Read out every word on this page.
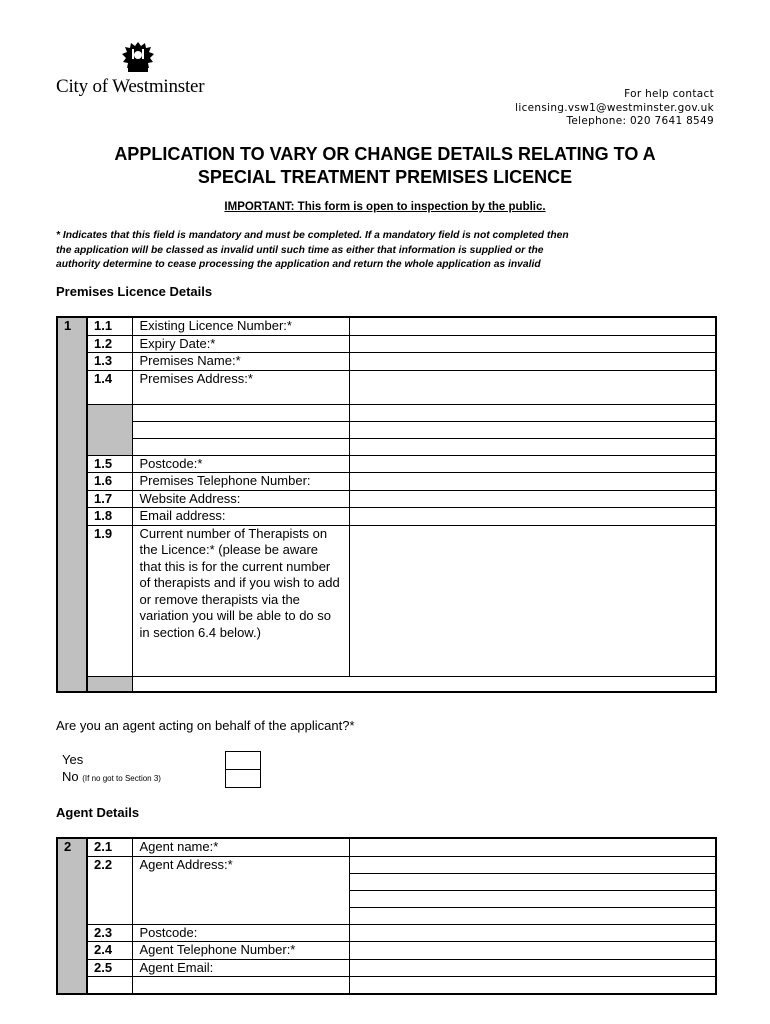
City of Westminster	For help contact
licensing.vsw1@westminster.gov.uk
Telephone: 020 7641 8549
APPLICATION TO VARY OR CHANGE DETAILS RELATING TO A
SPECIAL TREATMENT PREMISES LICENCE
IMPORTANT: This form is open to inspection by the public.
* Indicates that this field is mandatory and must be completed. If a mandatory field is not completed then
the application will be classed as invalid until such time as either that information is supplied or the
authority determine to cease processing the application and return the whole application as invalid
Premises Licence Details
1	1.1	Existing Licence Number:*	
	1.2	Expiry Date:*	
	1.3	Premises Name:*	
	1.4	Premises Address:*	

	1.5	Postcode:*	
	1.6	Premises Telephone Number:	
	1.7	Website Address:	
	1.8	Email address:	
	1.9	Current number of Therapists on the Licence:* (please be aware that this is for the current number of therapists and if you wish to add or remove therapists via the variation you will be able to do so in section 6.4 below.)	

Are you an agent acting on behalf of the applicant?*
Yes
No (If no got to Section 3)
Agent Details
2	2.1	Agent name:*	
	2.2	Agent Address:*	

	2.3	Postcode:	
	2.4	Agent Telephone Number:*	
	2.5	Agent Email:	
